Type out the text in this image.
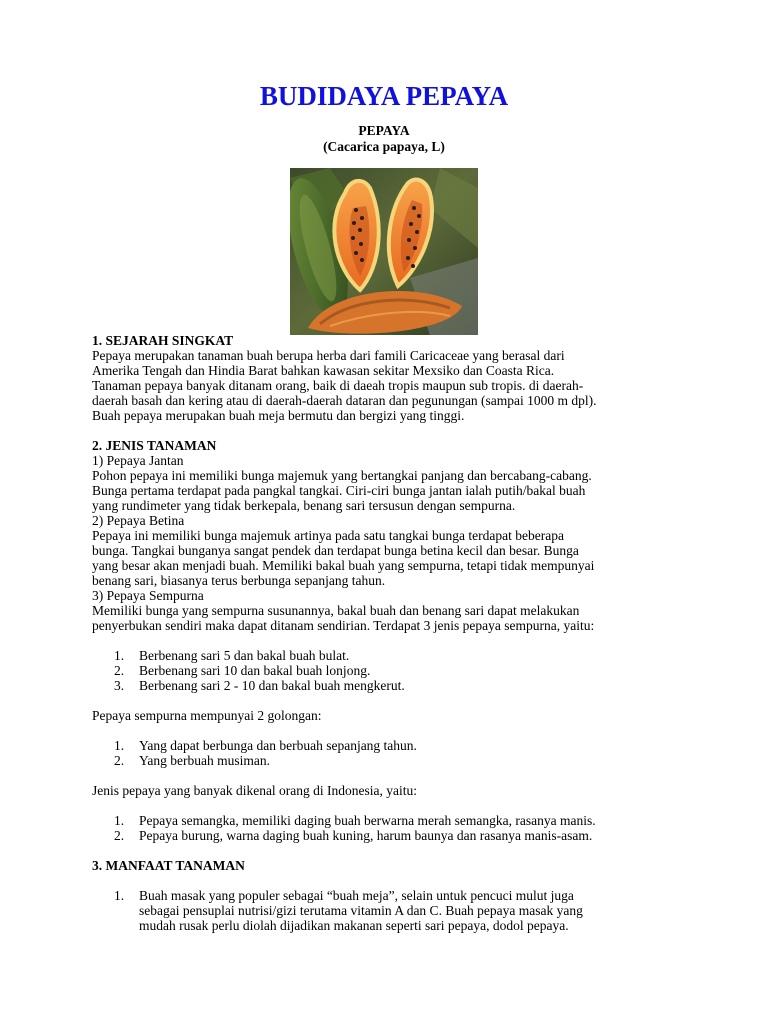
BUDIDAYA PEPAYA
PEPAYA
(Cacarica papaya, L)

1. SEJARAH SINGKAT

Pepaya merupakan tanaman buah berupa herba dari famili Caricaceae yang berasal dari

Amerika Tengah dan Hindia Barat bahkan kawasan sekitar Mexsiko dan Coasta Rica.

Tanaman pepaya banyak ditanam orang, baik di daeah tropis maupun sub tropis. di daerah-

daerah basah dan kering atau di daerah-daerah dataran dan pegunungan (sampai 1000 m dpl).

Buah pepaya merupakan buah meja bermutu dan bergizi yang tinggi.

2. JENIS TANAMAN

1) Pepaya Jantan

Pohon pepaya ini memiliki bunga majemuk yang bertangkai panjang dan bercabang-cabang.

Bunga pertama terdapat pada pangkal tangkai. Ciri-ciri bunga jantan ialah putih/bakal buah

yang rundimeter yang tidak berkepala, benang sari tersusun dengan sempurna.

2) Pepaya Betina

Pepaya ini memiliki bunga majemuk artinya pada satu tangkai bunga terdapat beberapa

bunga. Tangkai bunganya sangat pendek dan terdapat bunga betina kecil dan besar. Bunga

yang besar akan menjadi buah. Memiliki bakal buah yang sempurna, tetapi tidak mempunyai

benang sari, biasanya terus berbunga sepanjang tahun.

3) Pepaya Sempurna

Memiliki bunga yang sempurna susunannya, bakal buah dan benang sari dapat melakukan

penyerbukan sendiri maka dapat ditanam sendirian. Terdapat 3 jenis pepaya sempurna, yaitu:

1.	Berbenang sari 5 dan bakal buah bulat.
2.	Berbenang sari 10 dan bakal buah lonjong.
3.	Berbenang sari 2 - 10 dan bakal buah mengkerut.

Pepaya sempurna mempunyai 2 golongan:

1.	Yang dapat berbunga dan berbuah sepanjang tahun.
2.	Yang berbuah musiman.

Jenis pepaya yang banyak dikenal orang di Indonesia, yaitu:

1.	Pepaya semangka, memiliki daging buah berwarna merah semangka, rasanya manis.
2.	Pepaya burung, warna daging buah kuning, harum baunya dan rasanya manis-asam.

3. MANFAAT TANAMAN

1.	Buah masak yang populer sebagai “buah meja”, selain untuk pencuci mulut juga
sebagai pensuplai nutrisi/gizi terutama vitamin A dan C. Buah pepaya masak yang
mudah rusak perlu diolah dijadikan makanan seperti sari pepaya, dodol pepaya.
